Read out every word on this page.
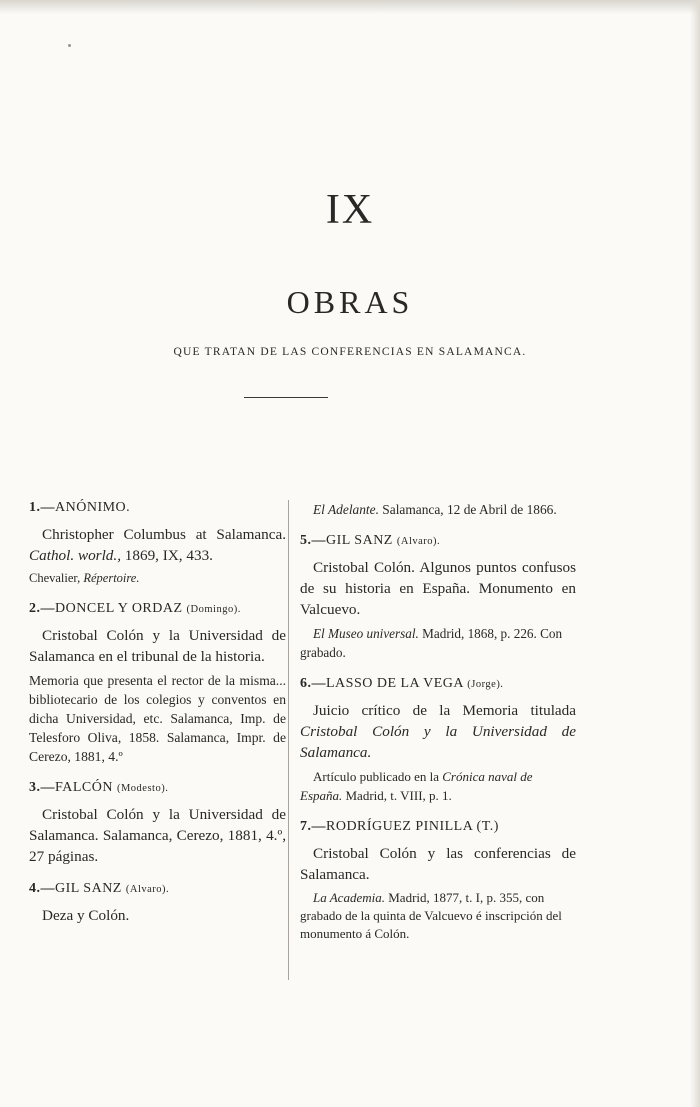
IX
OBRAS
QUE TRATAN DE LAS CONFERENCIAS EN SALAMANCA.
1.—ANÓNIMO.
Christopher Columbus at Salamanca. Cathol. world., 1869, IX, 433.
Chevalier, Répertoire.
2.—DONCEL Y ORDAZ (Domingo).
Cristobal Colón y la Universidad de Salamanca en el tribunal de la historia.
Memoria que presenta el rector de la misma... bibliotecario de los colegios y conventos en dicha Universidad, etc. Salamanca, Imp. de Telesforo Oliva, 1858. Salamanca, Impr. de Cerezo, 1881, 4.º
3.—FALCÓN (Modesto).
Cristobal Colón y la Universidad de Salamanca. Salamanca, Cerezo, 1881, 4.º, 27 páginas.
4.—GIL SANZ (Alvaro).
Deza y Colón.
El Adelante. Salamanca, 12 de Abril de 1866.
5.—GIL SANZ (Alvaro).
Cristobal Colón. Algunos puntos confusos de su historia en España. Monumento en Valcuevo.
El Museo universal. Madrid, 1868, p. 226. Con grabado.
6.—LASSO DE LA VEGA (Jorge).
Juicio crítico de la Memoria titulada Cristobal Colón y la Universidad de Salamanca.
Artículo publicado en la Crónica naval de España. Madrid, t. VIII, p. 1.
7.—RODRÍGUEZ PINILLA (T.)
Cristobal Colón y las conferencias de Salamanca.
La Academia. Madrid, 1877, t. I, p. 355, con grabado de la quinta de Valcuevo é inscripción del monumento á Colón.
